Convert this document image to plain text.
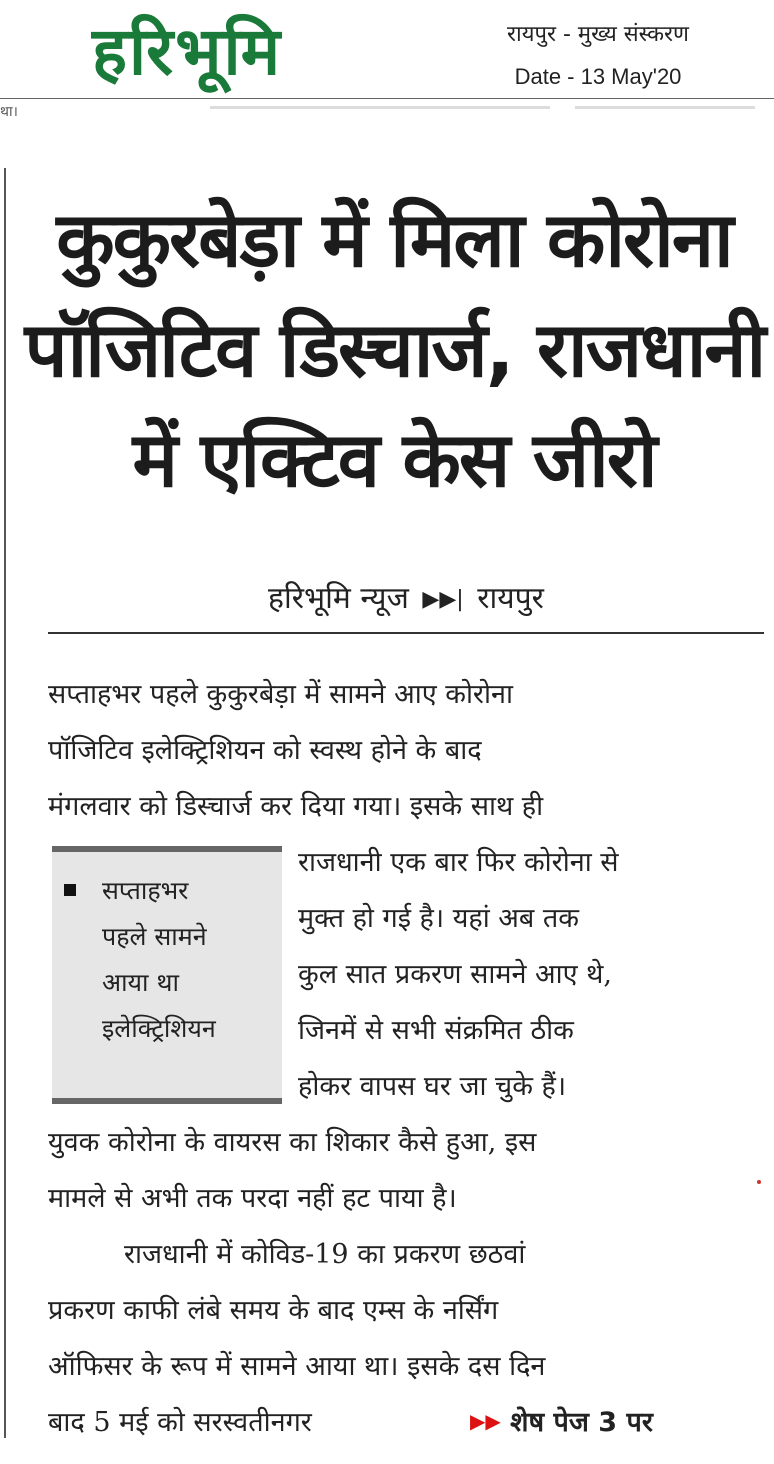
हरिभूमि	रायपुर - मुख्य संस्करण
Date - 13 May'20
था।
कुकुरबेड़ा में मिला कोरोना
पॉजिटिव डिस्चार्ज, राजधानी
में एक्टिव केस जीरो
हरिभूमि न्यूज ▶▶| रायपुर
सप्ताहभर पहले कुकुरबेड़ा में सामने आए कोरोना
पॉजिटिव इलेक्ट्रिशियन को स्वस्थ होने के बाद
मंगलवार को डिस्चार्ज कर दिया गया। इसके साथ ही
सप्ताहभर
पहले सामने
आया था
इलेक्ट्रिशियन
राजधानी एक बार फिर कोरोना से
मुक्त हो गई है। यहां अब तक
कुल सात प्रकरण सामने आए थे,
जिनमें से सभी संक्रमित ठीक
होकर वापस घर जा चुके हैं।
युवक कोरोना के वायरस का शिकार कैसे हुआ, इस
मामले से अभी तक परदा नहीं हट पाया है।
राजधानी में कोविड-19 का प्रकरण छठवां
प्रकरण काफी लंबे समय के बाद एम्स के नर्सिंग
ऑफिसर के रूप में सामने आया था। इसके दस दिन
बाद 5 मई को सरस्वतीनगर	▶▶ शेष पेज 3 पर
